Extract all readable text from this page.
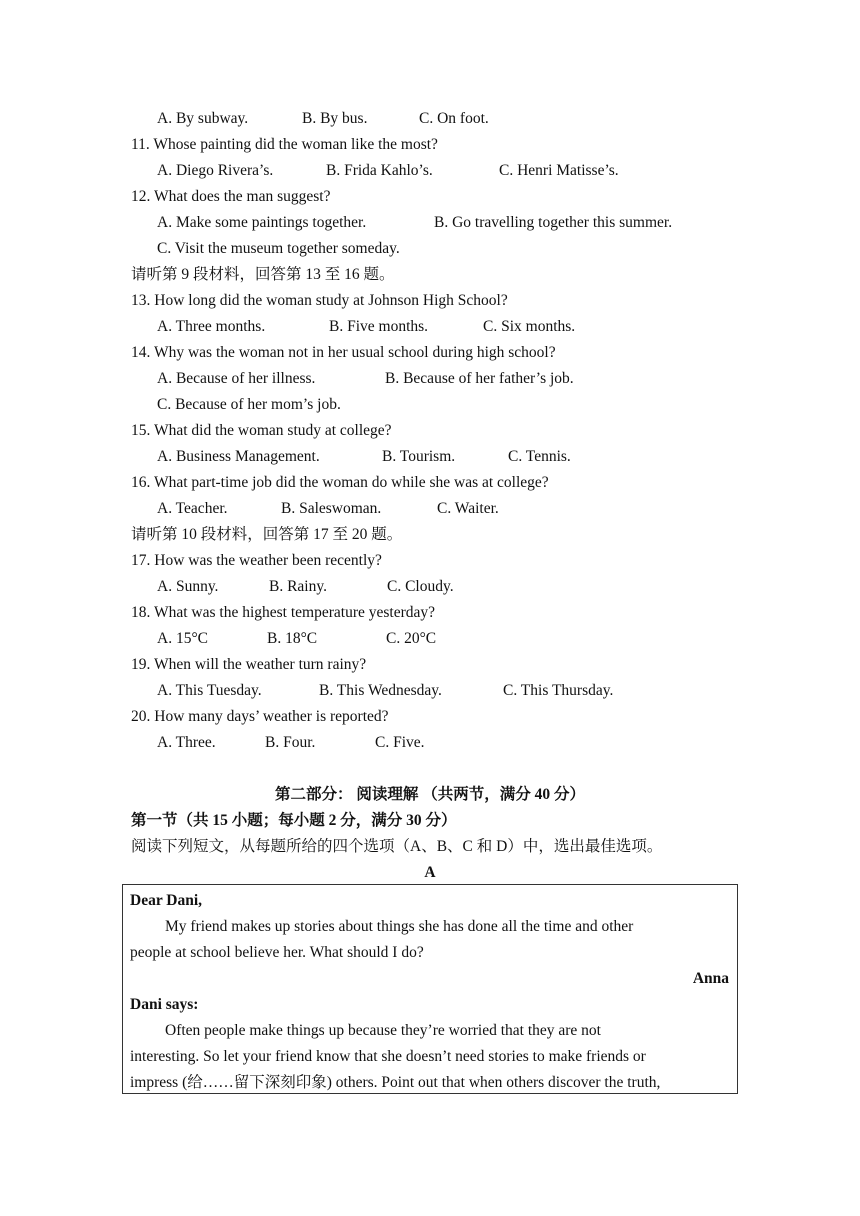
A. By subway.	B. By bus.	C. On foot.
11. Whose painting did the woman like the most?
A. Diego Rivera’s.	B. Frida Kahlo’s.	C. Henri Matisse’s.
12. What does the man suggest?
A. Make some paintings together.	B. Go travelling together this summer.
C. Visit the museum together someday.
请听第 9 段材料，回答第 13 至 16 题。
13. How long did the woman study at Johnson High School?
A. Three months.	B. Five months.	C. Six months.
14. Why was the woman not in her usual school during high school?
A. Because of her illness.	B. Because of her father’s job.
C. Because of her mom’s job.
15. What did the woman study at college?
A. Business Management.	B. Tourism.	C. Tennis.
16. What part-time job did the woman do while she was at college?
A. Teacher.	B. Saleswoman.	C. Waiter.
请听第 10 段材料，回答第 17 至 20 题。
17. How was the weather been recently?
A. Sunny.	B. Rainy.	C. Cloudy.
18. What was the highest temperature yesterday?
A. 15°C	B. 18°C	C. 20°C
19. When will the weather turn rainy?
A. This Tuesday.	B. This Wednesday.	C. This Thursday.
20. How many days’ weather is reported?
A. Three.	B. Four.	C. Five.
第二部分： 阅读理解 （共两节，满分 40 分）
第一节（共 15 小题；每小题 2 分，满分 30 分）
阅读下列短文，从每题所给的四个选项（A、B、C 和 D）中，选出最佳选项。
A
Dear Dani,
My friend makes up stories about things she has done all the time and other
people at school believe her. What should I do?
Anna
Dani says:
Often people make things up because they’re worried that they are not
interesting. So let your friend know that she doesn’t need stories to make friends or
impress (给……留下深刻印象) others. Point out that when others discover the truth,
